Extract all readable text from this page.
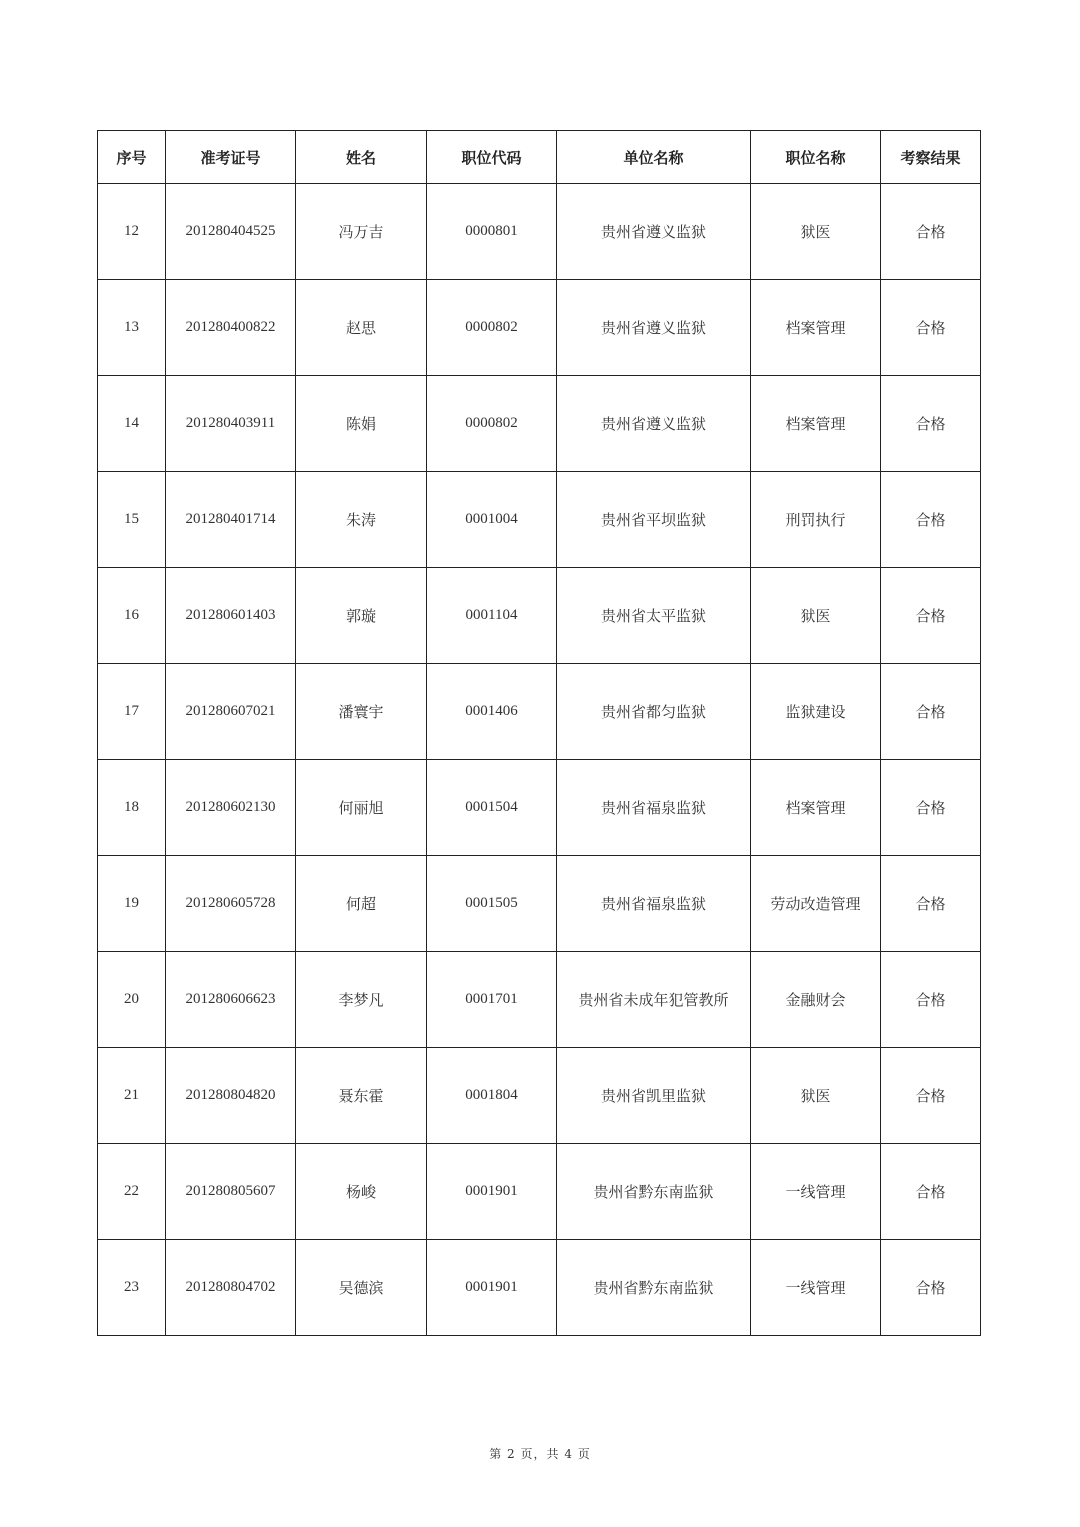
序号	准考证号	姓名	职位代码	单位名称	职位名称	考察结果
12	201280404525	冯万吉	0000801	贵州省遵义监狱	狱医	合格
13	201280400822	赵思	0000802	贵州省遵义监狱	档案管理	合格
14	201280403911	陈娟	0000802	贵州省遵义监狱	档案管理	合格
15	201280401714	朱涛	0001004	贵州省平坝监狱	刑罚执行	合格
16	201280601403	郭璇	0001104	贵州省太平监狱	狱医	合格
17	201280607021	潘寰宇	0001406	贵州省都匀监狱	监狱建设	合格
18	201280602130	何丽旭	0001504	贵州省福泉监狱	档案管理	合格
19	201280605728	何超	0001505	贵州省福泉监狱	劳动改造管理	合格
20	201280606623	李梦凡	0001701	贵州省未成年犯管教所	金融财会	合格
21	201280804820	聂东霍	0001804	贵州省凯里监狱	狱医	合格
22	201280805607	杨峻	0001901	贵州省黔东南监狱	一线管理	合格
23	201280804702	吴德滨	0001901	贵州省黔东南监狱	一线管理	合格
第 2 页，共 4 页
